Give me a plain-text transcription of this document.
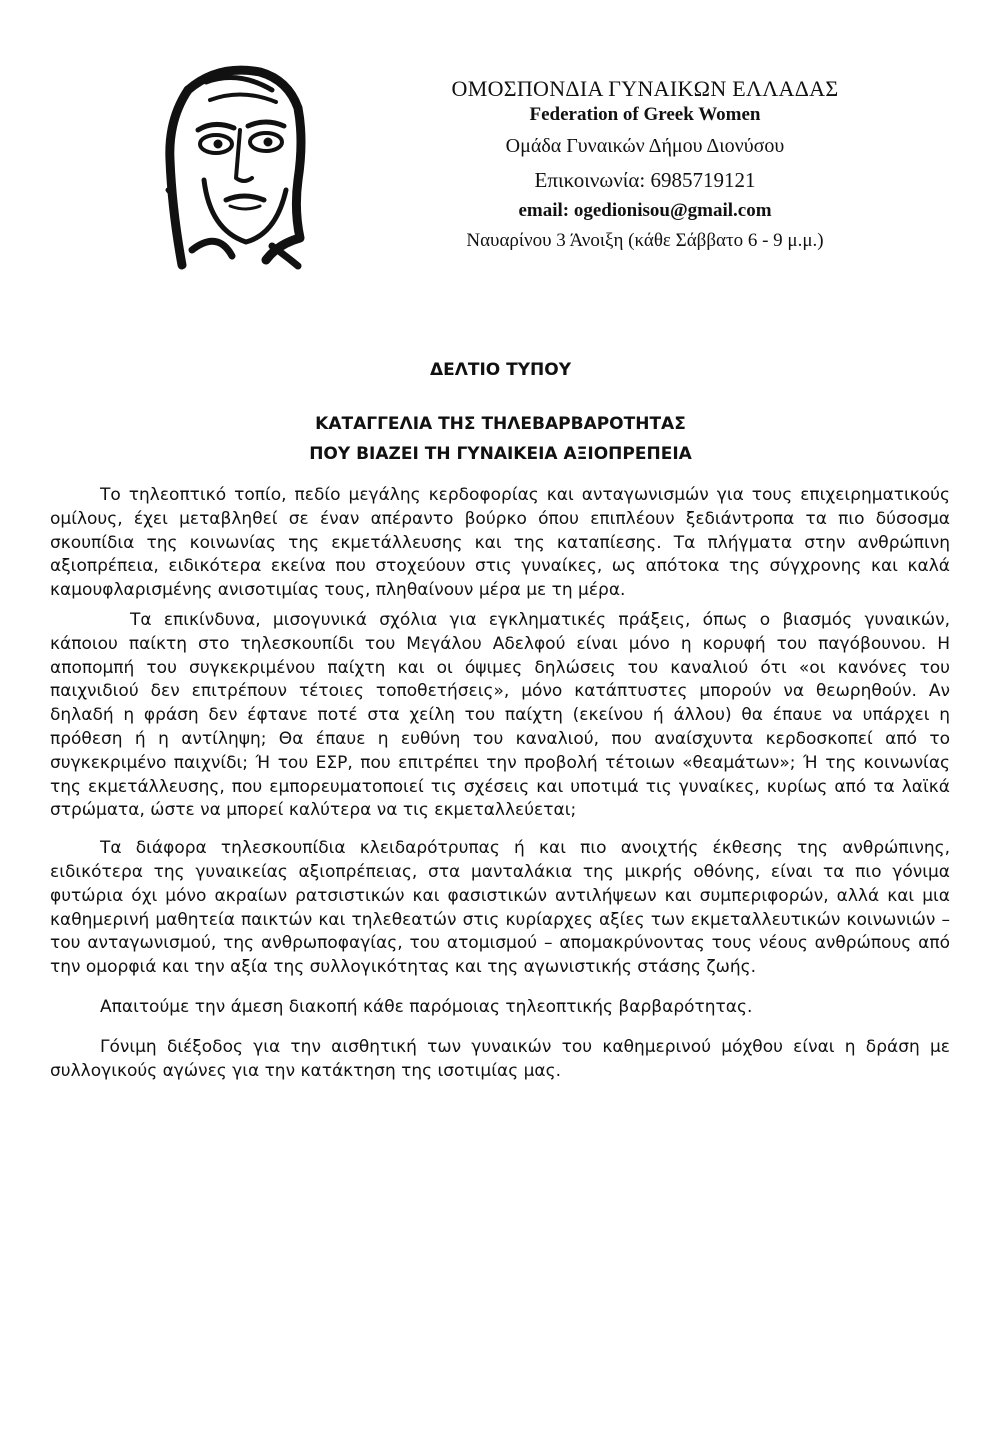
ΟΜΟΣΠΟΝΔΙΑ ΓΥΝΑΙΚΩΝ ΕΛΛΑΔΑΣ
Federation of Greek Women
Ομάδα Γυναικών Δήμου Διονύσου
Επικοινωνία: 6985719121
email: ogedionisou@gmail.com
Ναυαρίνου 3 Άνοιξη (κάθε Σάββατο 6 - 9 μ.μ.)
ΔΕΛΤΙΟ ΤΥΠΟΥ
ΚΑΤΑΓΓΕΛΙΑ ΤΗΣ ΤΗΛΕΒΑΡΒΑΡΟΤΗΤΑΣ
ΠΟΥ ΒΙΑΖΕΙ ΤΗ ΓΥΝΑΙΚΕΙΑ ΑΞΙΟΠΡΕΠΕΙΑ

Το τηλεοπτικό τοπίο, πεδίο μεγάλης κερδοφορίας και ανταγωνισμών για τους επιχειρηματικούς ομίλους, έχει μεταβληθεί σε έναν απέραντο βούρκο όπου επιπλέουν ξεδιάντροπα τα πιο δύσοσμα σκουπίδια της κοινωνίας της εκμετάλλευσης και της καταπίεσης. Τα πλήγματα στην ανθρώπινη αξιοπρέπεια, ειδικότερα εκείνα που στοχεύουν στις γυναίκες, ως απότοκα της σύγχρονης και καλά καμουφλαρισμένης ανισοτιμίας τους, πληθαίνουν μέρα με τη μέρα.

Τα επικίνδυνα, μισογυνικά σχόλια για εγκληματικές πράξεις, όπως ο βιασμός γυναικών, κάποιου παίκτη στο τηλεσκουπίδι του Μεγάλου Αδελφού είναι μόνο η κορυφή του παγόβουνου. Η αποπομπή του συγκεκριμένου παίχτη και οι όψιμες δηλώσεις του καναλιού ότι «οι κανόνες του παιχνιδιού δεν επιτρέπουν τέτοιες τοποθετήσεις», μόνο κατάπτυστες μπορούν να θεωρηθούν. Αν δηλαδή η φράση δεν έφτανε ποτέ στα χείλη του παίχτη (εκείνου ή άλλου) θα έπαυε να υπάρχει η πρόθεση ή η αντίληψη; Θα έπαυε η ευθύνη του καναλιού, που αναίσχυντα κερδοσκοπεί από το συγκεκριμένο παιχνίδι; Ή του ΕΣΡ, που επιτρέπει την προβολή τέτοιων «θεαμάτων»; Ή της κοινωνίας της εκμετάλλευσης, που εμπορευματοποιεί τις σχέσεις και υποτιμά τις γυναίκες, κυρίως από τα λαϊκά στρώματα, ώστε να μπορεί καλύτερα να τις εκμεταλλεύεται;

Τα διάφορα τηλεσκουπίδια κλειδαρότρυπας ή και πιο ανοιχτής έκθεσης της ανθρώπινης, ειδικότερα της γυναικείας αξιοπρέπειας, στα μανταλάκια της μικρής οθόνης, είναι τα πιο γόνιμα φυτώρια όχι μόνο ακραίων ρατσιστικών και φασιστικών αντιλήψεων και συμπεριφορών, αλλά και μια καθημερινή μαθητεία παικτών και τηλεθεατών στις κυρίαρχες αξίες των εκμεταλλευτικών κοινωνιών – του ανταγωνισμού, της ανθρωποφαγίας, του ατομισμού – απομακρύνοντας τους νέους ανθρώπους από την ομορφιά και την αξία της συλλογικότητας και της αγωνιστικής στάσης ζωής.

Απαιτούμε την άμεση διακοπή κάθε παρόμοιας τηλεοπτικής βαρβαρότητας.

Γόνιμη διέξοδος για την αισθητική των γυναικών του καθημερινού μόχθου είναι η δράση με συλλογικούς αγώνες για την κατάκτηση της ισοτιμίας μας.
